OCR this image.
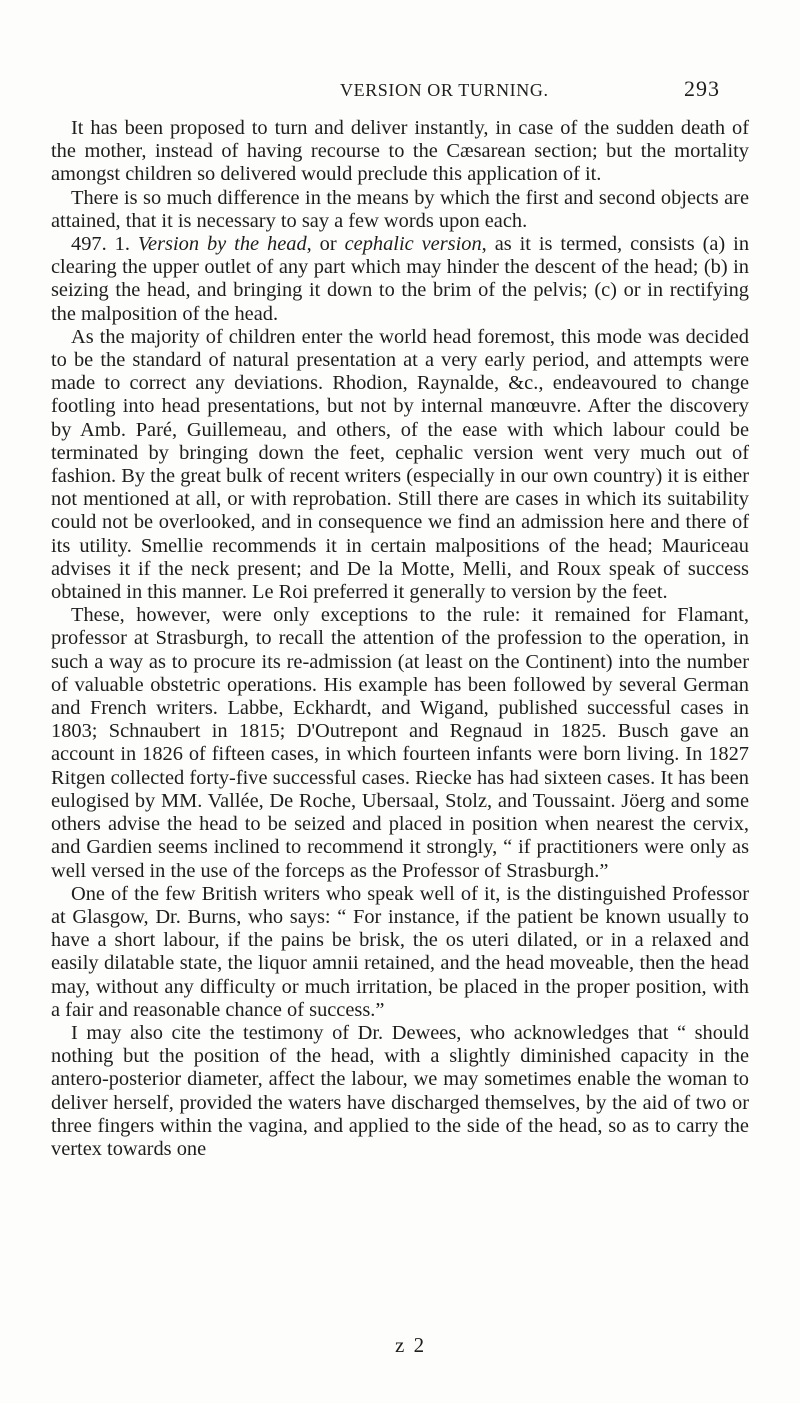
VERSION OR TURNING.	293

It has been proposed to turn and deliver instantly, in case of the sudden death of the mother, instead of having recourse to the Cæsarean section; but the mortality amongst children so delivered would preclude this application of it.

There is so much difference in the means by which the first and second objects are attained, that it is necessary to say a few words upon each.

497. 1. Version by the head, or cephalic version, as it is termed, consists (a) in clearing the upper outlet of any part which may hinder the descent of the head; (b) in seizing the head, and bringing it down to the brim of the pelvis; (c) or in rectifying the malposition of the head.

As the majority of children enter the world head foremost, this mode was decided to be the standard of natural presentation at a very early period, and attempts were made to correct any deviations. Rhodion, Raynalde, &c., endeavoured to change footling into head presentations, but not by internal manœuvre. After the discovery by Amb. Paré, Guillemeau, and others, of the ease with which labour could be terminated by bringing down the feet, cephalic version went very much out of fashion. By the great bulk of recent writers (especially in our own country) it is either not mentioned at all, or with reprobation. Still there are cases in which its suitability could not be overlooked, and in consequence we find an admission here and there of its utility. Smellie recommends it in certain malpositions of the head; Mauriceau advises it if the neck present; and De la Motte, Melli, and Roux speak of success obtained in this manner. Le Roi preferred it generally to version by the feet.

These, however, were only exceptions to the rule: it remained for Flamant, professor at Strasburgh, to recall the attention of the profession to the operation, in such a way as to procure its re-admission (at least on the Continent) into the number of valuable obstetric operations. His example has been followed by several German and French writers. Labbe, Eckhardt, and Wigand, published successful cases in 1803; Schnaubert in 1815; D'Outrepont and Regnaud in 1825. Busch gave an account in 1826 of fifteen cases, in which fourteen infants were born living. In 1827 Ritgen collected forty-five successful cases. Riecke has had sixteen cases. It has been eulogised by MM. Vallée, De Roche, Ubersaal, Stolz, and Toussaint. Jöerg and some others advise the head to be seized and placed in position when nearest the cervix, and Gardien seems inclined to recommend it strongly, “ if practitioners were only as well versed in the use of the forceps as the Professor of Strasburgh.”

One of the few British writers who speak well of it, is the distinguished Professor at Glasgow, Dr. Burns, who says: “ For instance, if the patient be known usually to have a short labour, if the pains be brisk, the os uteri dilated, or in a relaxed and easily dilatable state, the liquor amnii retained, and the head moveable, then the head may, without any difficulty or much irritation, be placed in the proper position, with a fair and reasonable chance of success.”

I may also cite the testimony of Dr. Dewees, who acknowledges that “ should nothing but the position of the head, with a slightly diminished capacity in the antero-posterior diameter, affect the labour, we may sometimes enable the woman to deliver herself, provided the waters have discharged themselves, by the aid of two or three fingers within the vagina, and applied to the side of the head, so as to carry the vertex towards one

z 2
